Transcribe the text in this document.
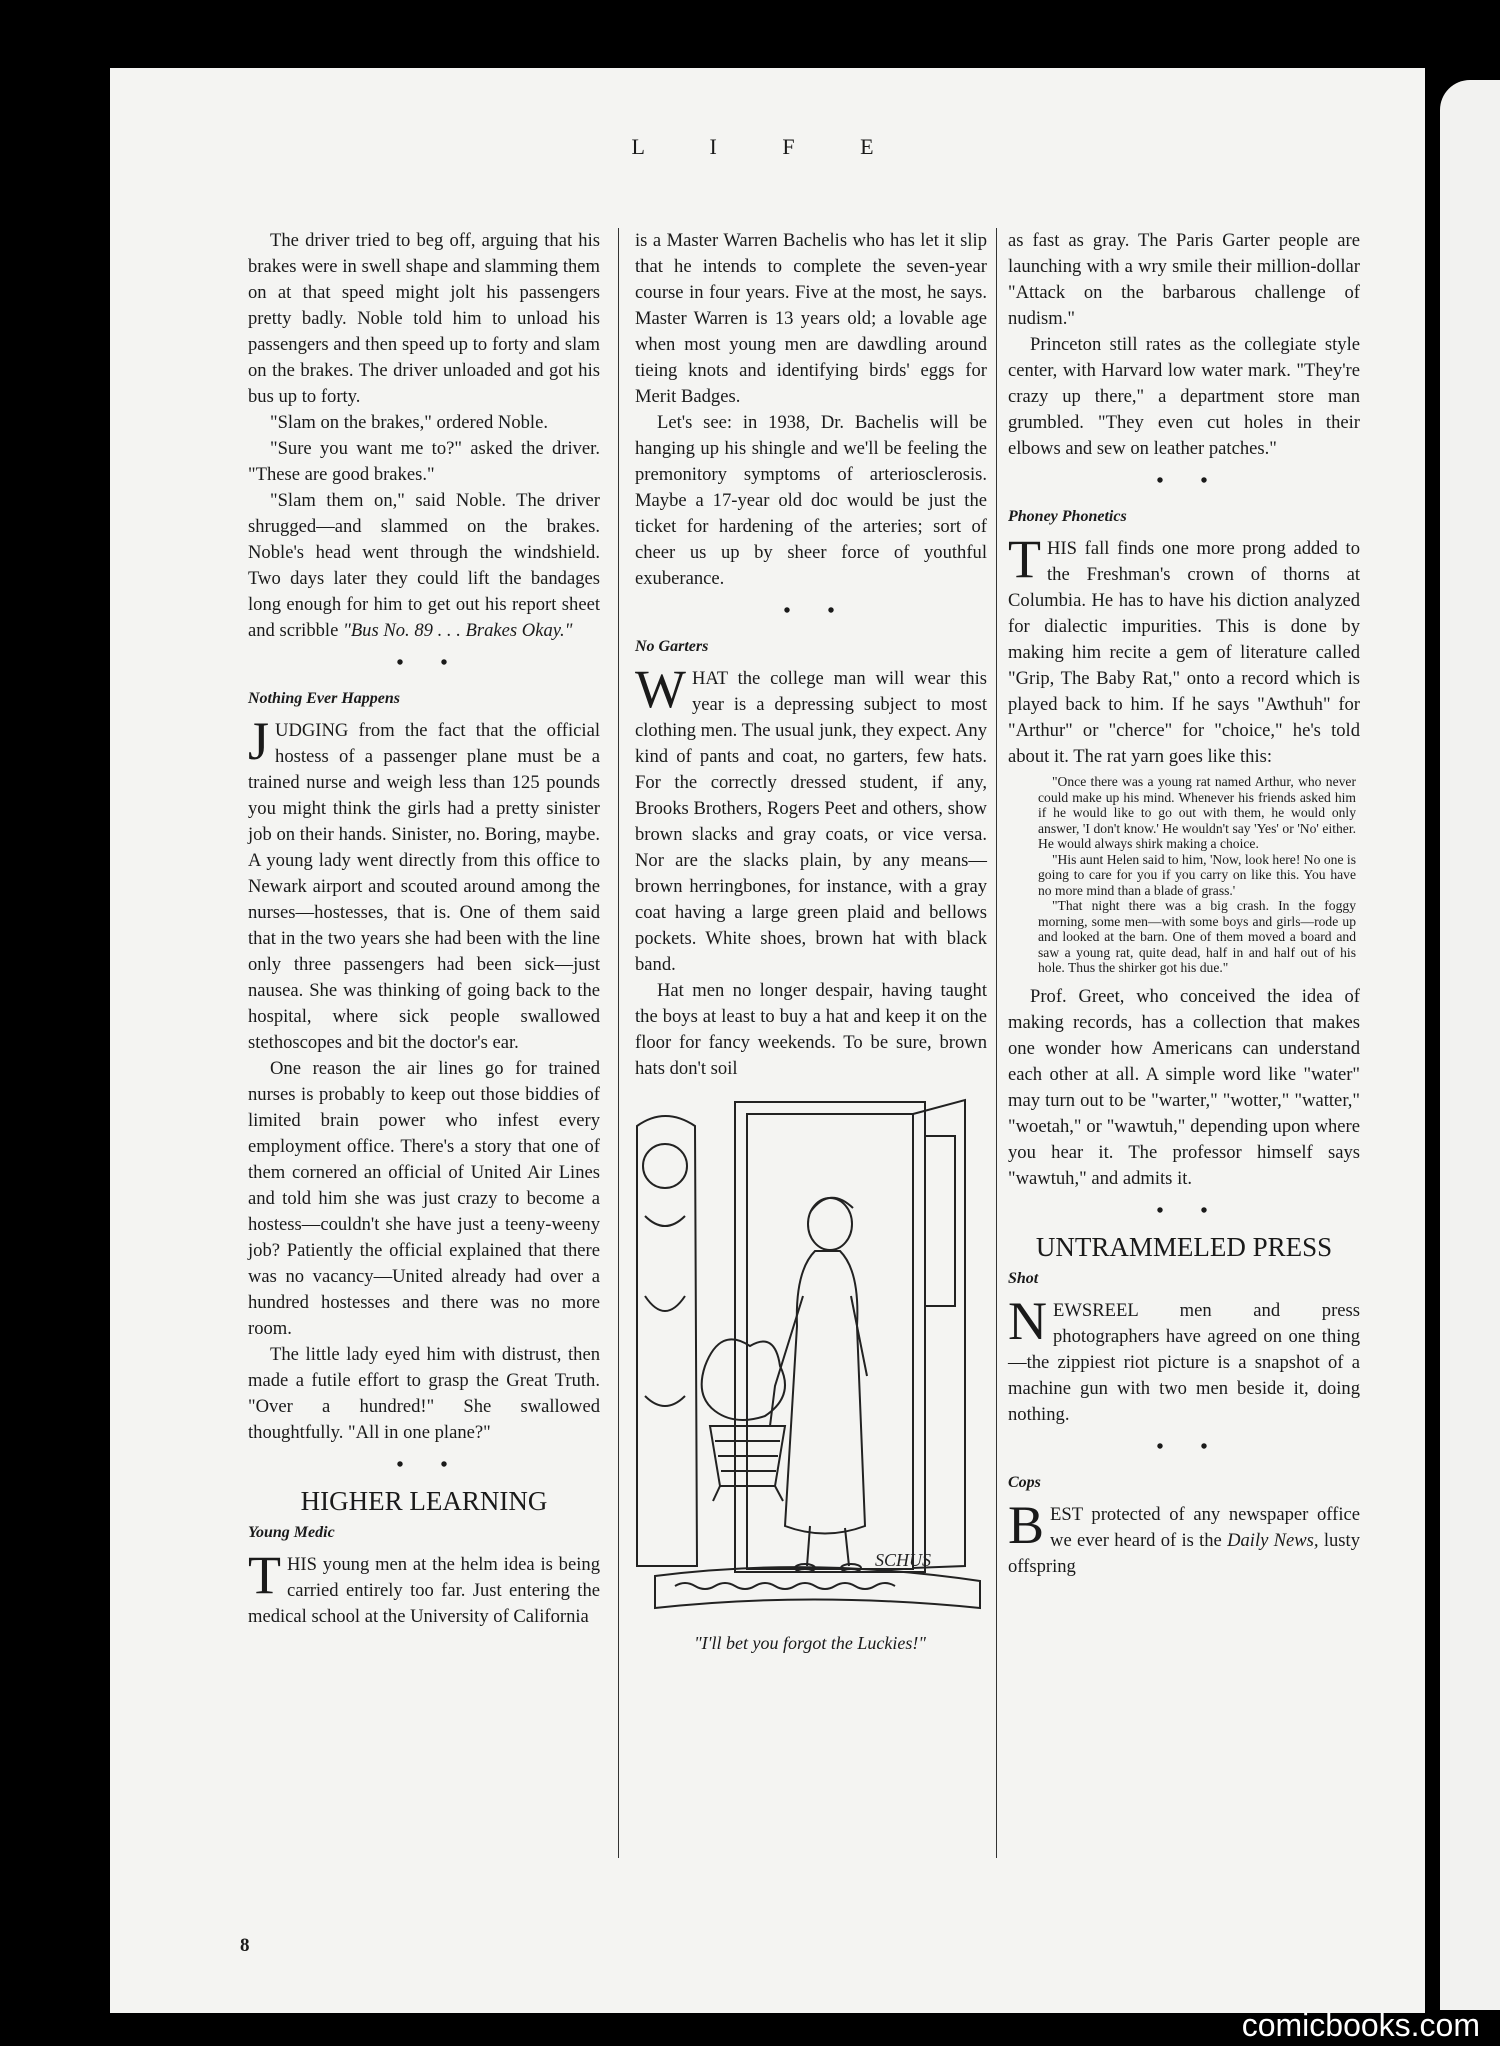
L I F E

The driver tried to beg off, arguing that his brakes were in swell shape and slamming them on at that speed might jolt his passengers pretty badly. Noble told him to unload his passengers and then speed up to forty and slam on the brakes. The driver unloaded and got his bus up to forty.

"Slam on the brakes," ordered Noble.

"Sure you want me to?" asked the driver. "These are good brakes."

"Slam them on," said Noble. The driver shrugged—and slammed on the brakes. Noble's head went through the windshield. Two days later they could lift the bandages long enough for him to get out his report sheet and scribble "Bus No. 89 . . . Brakes Okay."

• •
Nothing Ever Happens

JUDGING from the fact that the official hostess of a passenger plane must be a trained nurse and weigh less than 125 pounds you might think the girls had a pretty sinister job on their hands. Sinister, no. Boring, maybe. A young lady went directly from this office to Newark airport and scouted around among the nurses—hostesses, that is. One of them said that in the two years she had been with the line only three passengers had been sick—just nausea. She was thinking of going back to the hospital, where sick people swallowed stethoscopes and bit the doctor's ear.

One reason the air lines go for trained nurses is probably to keep out those biddies of limited brain power who infest every employment office. There's a story that one of them cornered an official of United Air Lines and told him she was just crazy to become a hostess—couldn't she have just a teeny-weeny job? Patiently the official explained that there was no vacancy—United already had over a hundred hostesses and there was no more room.

The little lady eyed him with distrust, then made a futile effort to grasp the Great Truth. "Over a hundred!" She swallowed thoughtfully. "All in one plane?"

• •
HIGHER LEARNING
Young Medic

THIS young men at the helm idea is being carried entirely too far. Just entering the medical school at the University of California

is a Master Warren Bachelis who has let it slip that he intends to complete the seven-year course in four years. Five at the most, he says. Master Warren is 13 years old; a lovable age when most young men are dawdling around tieing knots and identifying birds' eggs for Merit Badges.

Let's see: in 1938, Dr. Bachelis will be hanging up his shingle and we'll be feeling the premonitory symptoms of arteriosclerosis. Maybe a 17-year old doc would be just the ticket for hardening of the arteries; sort of cheer us up by sheer force of youthful exuberance.

• •
No Garters

WHAT the college man will wear this year is a depressing subject to most clothing men. The usual junk, they expect. Any kind of pants and coat, no garters, few hats. For the correctly dressed student, if any, Brooks Brothers, Rogers Peet and others, show brown slacks and gray coats, or vice versa. Nor are the slacks plain, by any means—brown herringbones, for instance, with a gray coat having a large green plaid and bellows pockets. White shoes, brown hat with black band.

Hat men no longer despair, having taught the boys at least to buy a hat and keep it on the floor for fancy weekends. To be sure, brown hats don't soil

SCHUS
"I'll bet you forgot the Luckies!"

as fast as gray. The Paris Garter people are launching with a wry smile their million-dollar "Attack on the barbarous challenge of nudism."

Princeton still rates as the collegiate style center, with Harvard low water mark. "They're crazy up there," a department store man grumbled. "They even cut holes in their elbows and sew on leather patches."

• •
Phoney Phonetics

THIS fall finds one more prong added to the Freshman's crown of thorns at Columbia. He has to have his diction analyzed for dialectic impurities. This is done by making him recite a gem of literature called "Grip, The Baby Rat," onto a record which is played back to him. If he says "Awthuh" for "Arthur" or "cherce" for "choice," he's told about it. The rat yarn goes like this:

"Once there was a young rat named Arthur, who never could make up his mind. Whenever his friends asked him if he would like to go out with them, he would only answer, 'I don't know.' He wouldn't say 'Yes' or 'No' either. He would always shirk making a choice.

"His aunt Helen said to him, 'Now, look here! No one is going to care for you if you carry on like this. You have no more mind than a blade of grass.'

"That night there was a big crash. In the foggy morning, some men—with some boys and girls—rode up and looked at the barn. One of them moved a board and saw a young rat, quite dead, half in and half out of his hole. Thus the shirker got his due."

Prof. Greet, who conceived the idea of making records, has a collection that makes one wonder how Americans can understand each other at all. A simple word like "water" may turn out to be "warter," "wotter," "watter," "woetah," or "wawtuh," depending upon where you hear it. The professor himself says "wawtuh," and admits it.

• •
UNTRAMMELED PRESS
Shot

NEWSREEL men and press photographers have agreed on one thing—the zippiest riot picture is a snapshot of a machine gun with two men beside it, doing nothing.

• •
Cops

BEST protected of any newspaper office we ever heard of is the Daily News, lusty offspring

8
comicbooks.com
